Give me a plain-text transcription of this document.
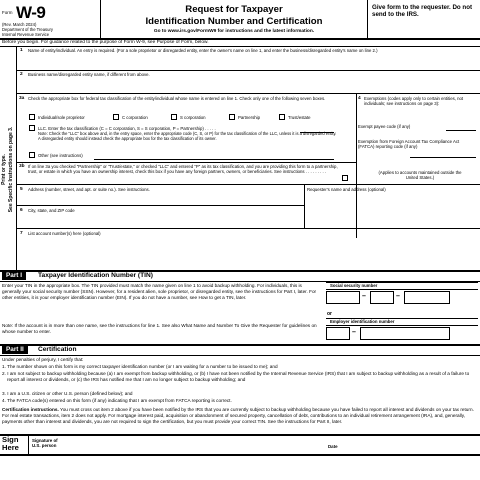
Form W-9
(Rev. March 2024)
Department of the Treasury
Internal Revenue Service
Request for Taxpayer
Identification Number and Certification
Go to www.irs.gov/FormW9 for instructions and the latest information.
Give form to the requester. Do not send to the IRS.
Before you begin. For guidance related to the purpose of Form W-9, see Purpose of Form, below.
Print or type.
See Specific Instructions on page 3.
1 Name of entity/individual. An entry is required. (For a sole proprietor or disregarded entity, enter the owner's name on line 1, and enter the business/disregarded entity's name on line 2.)
2 Business name/disregarded entity name, if different from above.
3a Check the appropriate box for federal tax classification of the entity/individual whose name is entered on line 1. Check only one of the following seven boxes.
Individual/sole proprietor	C corporation	S corporation	Partnership	Trust/estate
LLC. Enter the tax classification (C = C corporation, S = S corporation, P = Partnership) . . . . .
Note: Check the "LLC" box above and, in the entry space, enter the appropriate code (C, S, or P) for the tax classification of the LLC, unless it is a disregarded entity. A disregarded entity should instead check the appropriate box for the tax classification of its owner.
Other (see instructions)
4 Exemptions (codes apply only to certain entities, not individuals; see instructions on page 3):
Exempt payee code (if any)
Exemption from Foreign Account Tax Compliance Act (FATCA) reporting code (if any)
3b If on line 3a you checked "Partnership" or "Trust/estate," or checked "LLC" and entered "P" as its tax classification, and you are providing this form to a partnership, trust, or estate in which you have an ownership interest, check this box if you have any foreign partners, owners, or beneficiaries. See instructions . . . . . . . . .	(Applies to accounts maintained outside the United States.)
5 Address (number, street, and apt. or suite no.). See instructions.	Requester's name and address (optional)
6 City, state, and ZIP code
7 List account number(s) here (optional)
Part I	Taxpayer Identification Number (TIN)
Enter your TIN in the appropriate box. The TIN provided must match the name given on line 1 to avoid backup withholding. For individuals, this is generally your social security number (SSN). However, for a resident alien, sole proprietor, or disregarded entity, see the instructions for Part I, later. For other entities, it is your employer identification number (EIN). If you do not have a number, see How to get a TIN, later.
Note: If the account is in more than one name, see the instructions for line 1. See also What Name and Number To Give the Requester for guidelines on whose number to enter.
Social security number
–	–
or
Employer identification number
–
Part II	Certification
Under penalties of perjury, I certify that:
1. The number shown on this form is my correct taxpayer identification number (or I am waiting for a number to be issued to me); and
2. I am not subject to backup withholding because (a) I am exempt from backup withholding, or (b) I have not been notified by the Internal Revenue Service (IRS) that I am subject to backup withholding as a result of a failure to report all interest or dividends, or (c) the IRS has notified me that I am no longer subject to backup withholding; and
3. I am a U.S. citizen or other U.S. person (defined below); and
4. The FATCA code(s) entered on this form (if any) indicating that I am exempt from FATCA reporting is correct.
Certification instructions. You must cross out item 2 above if you have been notified by the IRS that you are currently subject to backup withholding because you have failed to report all interest and dividends on your tax return. For real estate transactions, item 2 does not apply. For mortgage interest paid, acquisition or abandonment of secured property, cancellation of debt, contributions to an individual retirement arrangement (IRA), and, generally, payments other than interest and dividends, you are not required to sign the certification, but you must provide your correct TIN. See the instructions for Part II, later.
Sign
Here
Signature of
U.S. person	Date
